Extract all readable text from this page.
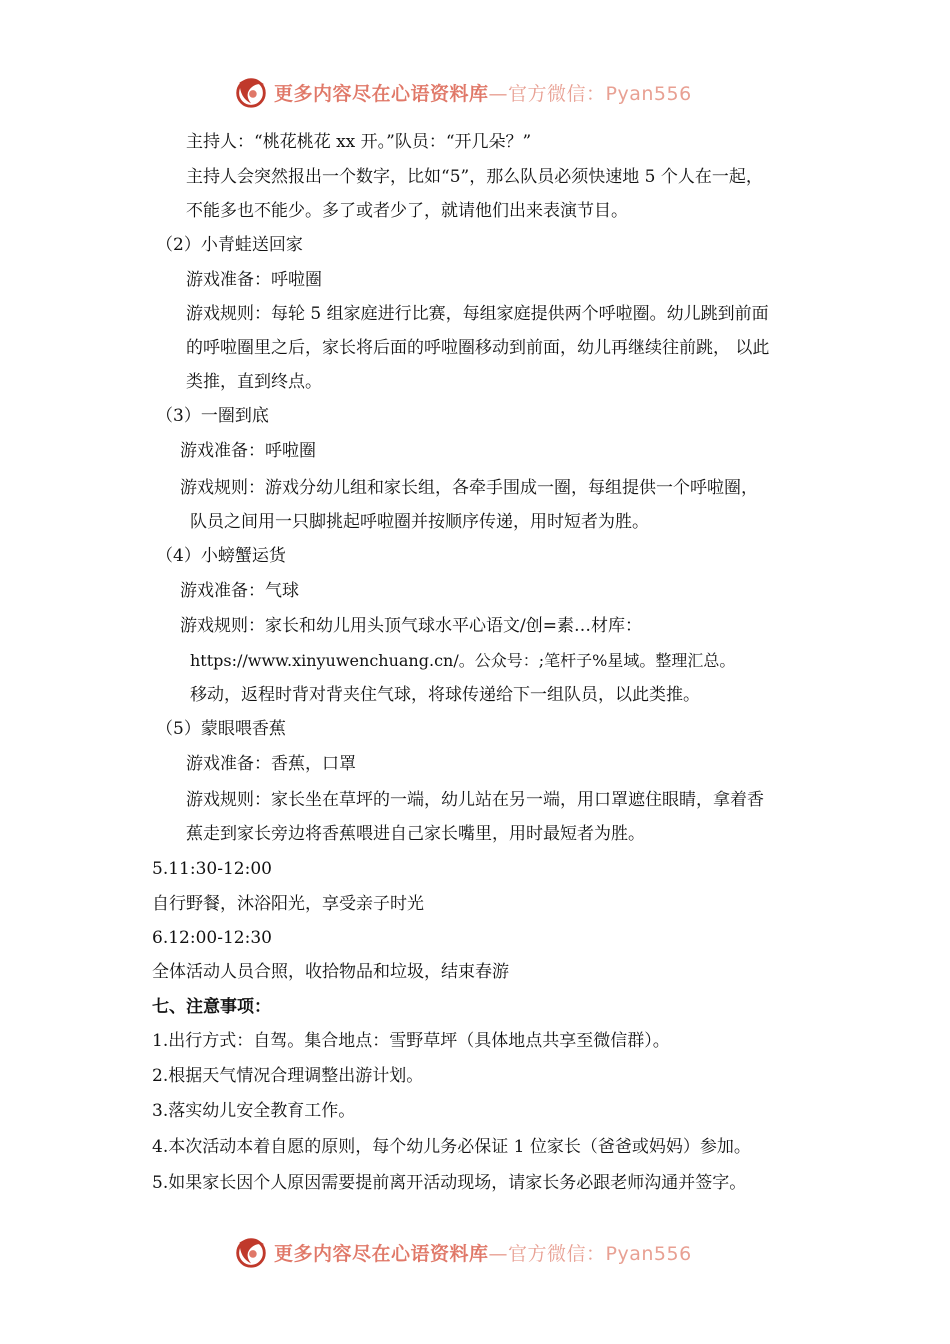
更多内容尽在心语资料库—官方微信：Pyan556
主持人：“桃花桃花 xx 开。”队员：“开几朵？”
主持人会突然报出一个数字，比如“5”，那么队员必须快速地 5 个人在一起，
不能多也不能少。多了或者少了，就请他们出来表演节目。
（2）小青蛙送回家
游戏准备：呼啦圈
游戏规则：每轮 5 组家庭进行比赛，每组家庭提供两个呼啦圈。幼儿跳到前面
的呼啦圈里之后，家长将后面的呼啦圈移动到前面，幼儿再继续往前跳， 以此
类推，直到终点。
（3）一圈到底
游戏准备：呼啦圈
游戏规则：游戏分幼儿组和家长组，各牵手围成一圈，每组提供一个呼啦圈，
队员之间用一只脚挑起呼啦圈并按顺序传递，用时短者为胜。
（4）小螃蟹运货
游戏准备：气球
游戏规则：家长和幼儿用头顶气球水平心语文/创=素…材库：
https://www.xinyuwenchuang.cn/。公众号：;笔杆子%星域。整理汇总。
移动，返程时背对背夹住气球，将球传递给下一组队员，以此类推。
（5）蒙眼喂香蕉
游戏准备：香蕉，口罩
游戏规则：家长坐在草坪的一端，幼儿站在另一端，用口罩遮住眼睛，拿着香
蕉走到家长旁边将香蕉喂进自己家长嘴里，用时最短者为胜。
5.11:30-12:00
自行野餐，沐浴阳光，享受亲子时光
6.12:00-12:30
全体活动人员合照，收拾物品和垃圾，结束春游
七、注意事项：
1.出行方式：自驾。集合地点：雪野草坪（具体地点共享至微信群）。
2.根据天气情况合理调整出游计划。
3.落实幼儿安全教育工作。
4.本次活动本着自愿的原则，每个幼儿务必保证 1 位家长（爸爸或妈妈）参加。
5.如果家长因个人原因需要提前离开活动现场，请家长务必跟老师沟通并签字。
更多内容尽在心语资料库—官方微信：Pyan556
